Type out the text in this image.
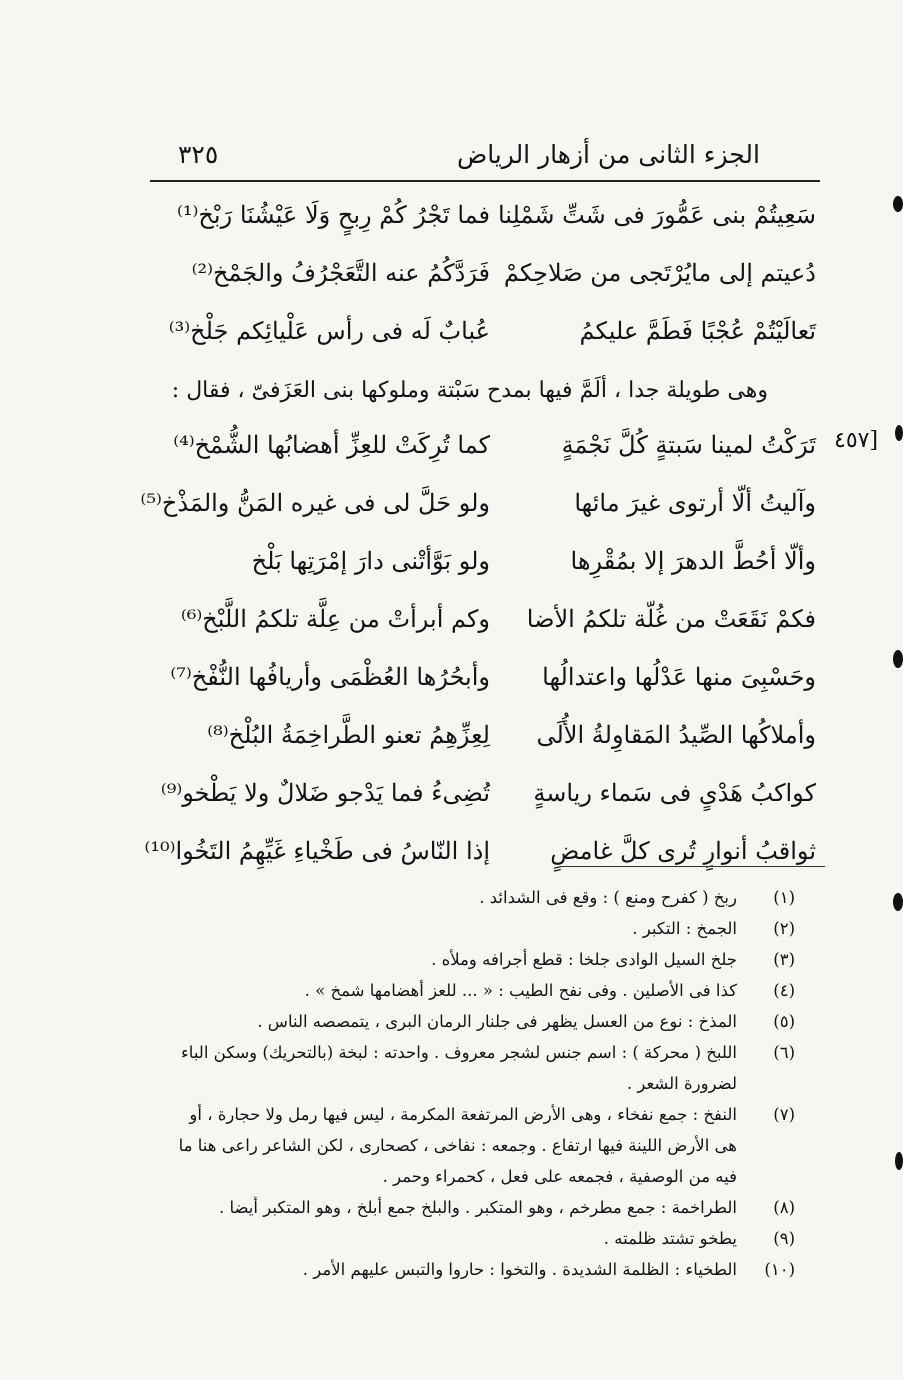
الجزء الثانى من أزهار الرياض
٣٢٥
[٤٥٧
سَعِيتُمْ بنى عَمُّورَ فى شَتِّ شَمْلِنا
فما تَجْرُ كُمْ رِبحٍ وَلَا عَيْشُنَا رَبْخ⁽¹⁾
دُعيتم إلى مايُرْتَجى من صَلاحِكمْ
فَرَدَّكُمُ عنه التَّعَجْرُفُ والجَمْخ⁽²⁾
تَعالَيْتُمْ عُجْبًا فَطَمَّ عليكمُ
عُبابٌ لَه فى رأس عَلْيائِكم جَلْخ⁽³⁾
وهى طويلة جدا ، ألَمَّ فيها بمدح سَبْتة وملوكها بنى العَزَفىّ ، فقال :
تَرَكْتُ لمينا سَبتةٍ كُلَّ نَجْمَةٍ
كما تُرِكَتْ للعِزِّ أهضابُها الشُّمْخ⁽⁴⁾
وآليتُ ألّا أرتوى غيرَ مائها
ولو حَلَّ لى فى غيره المَنُّ والمَذْخ⁽⁵⁾
وألّا أحُطَّ الدهرَ إلا بمُقْرِها
ولو بَوَّأتْنى دارَ إمْرَتِها بَلْخ
فكمْ نَقَعَتْ من غُلّة تلكمُ الأضا
وكم أبرأتْ من عِلَّة تلكمُ اللَّبْخ⁽⁶⁾
وحَسْبِىَ منها عَدْلُها واعتدالُها
وأبحُرُها العُظْمَى وأريافُها النُّفْخ⁽⁷⁾
وأملاكُها الصِّيدُ المَقاوِلةُ الأُلَى
لِعِزِّهِمُ تعنو الطَّراخِمَةُ البُلْخ⁽⁸⁾
كواكبُ هَدْىٍ فى سَماء رياسةٍ
تُضِىءُ فما يَدْجو ضَلالٌ ولا يَطْخو⁽⁹⁾
ثواقبُ أنوارٍ تُرى كلَّ غامضٍ
إذا النّاسُ فى طَخْياءِ غَيِّهِمُ التَخُوا⁽¹⁰⁾
(١)
ربخ ( كفرح ومنع ) : وقع فى الشدائد .
(٢)
الجمخ : التكبر .
(٣)
جلخ السيل الوادى جلخا : قطع أجرافه وملأه .
(٤)
كذا فى الأصلين . وفى نفح الطيب : « ... للعز أهضامها شمخ » .
(٥)
المذخ : نوع من العسل يظهر فى جلنار الرمان البرى ، يتمصصه الناس .
(٦)
اللبخ ( محركة ) : اسم جنس لشجر معروف . واحدته : لبخة (بالتحريك) وسكن الباء لضرورة الشعر .
(٧)
النفخ : جمع نفخاء ، وهى الأرض المرتفعة المكرمة ، ليس فيها رمل ولا حجارة ، أو هى الأرض اللينة فيها ارتفاع . وجمعه : نفاخى ، كصحارى ، لكن الشاعر راعى هنا ما فيه من الوصفية ، فجمعه على فعل ، كحمراء وحمر .
(٨)
الطراخمة : جمع مطرخم ، وهو المتكبر . والبلخ جمع أبلخ ، وهو المتكبر أيضا .
(٩)
يطخو تشتد ظلمته .
(١٠)
الطخياء : الظلمة الشديدة . والتخوا : حاروا والتبس عليهم الأمر .
